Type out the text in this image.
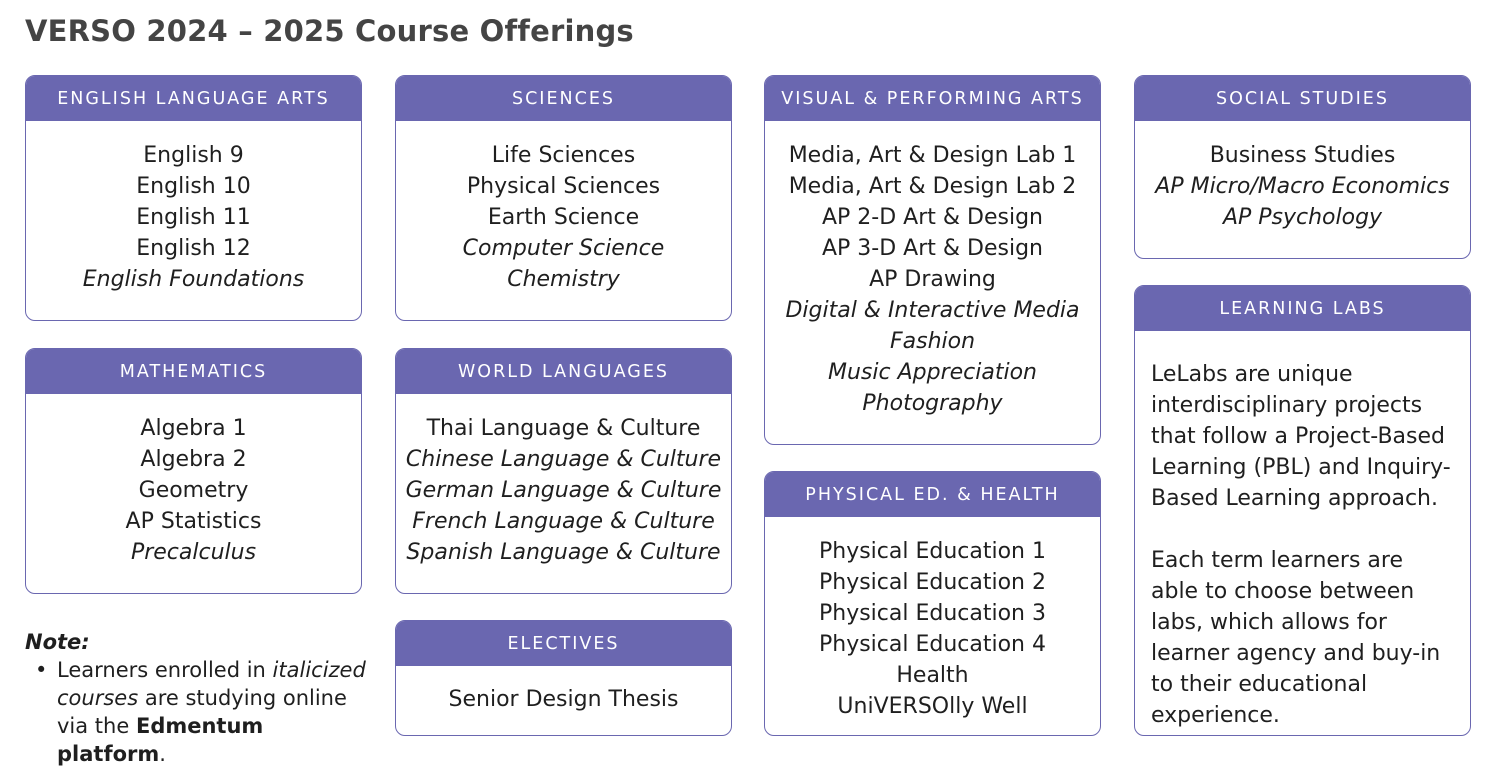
VERSO 2024 – 2025 Course Offerings
ENGLISH LANGUAGE ARTS
English 9
English 10
English 11
English 12
English Foundations
MATHEMATICS
Algebra 1
Algebra 2
Geometry
AP Statistics
Precalculus
Note:
• Learners enrolled in italicized courses are studying online via the Edmentum platform.
SCIENCES
Life Sciences
Physical Sciences
Earth Science
Computer Science
Chemistry
WORLD LANGUAGES
Thai Language & Culture
Chinese Language & Culture
German Language & Culture
French Language & Culture
Spanish Language & Culture
ELECTIVES
Senior Design Thesis
VISUAL & PERFORMING ARTS
Media, Art & Design Lab 1
Media, Art & Design Lab 2
AP 2-D Art & Design
AP 3-D Art & Design
AP Drawing
Digital & Interactive Media
Fashion
Music Appreciation
Photography
PHYSICAL ED. & HEALTH
Physical Education 1
Physical Education 2
Physical Education 3
Physical Education 4
Health
UniVERSOlly Well
SOCIAL STUDIES
Business Studies
AP Micro/Macro Economics
AP Psychology
LEARNING LABS

LeLabs are unique interdisciplinary projects that follow a Project-Based Learning (PBL) and Inquiry-Based Learning approach.

Each term learners are able to choose between labs, which allows for learner agency and buy-in to their educational experience.
